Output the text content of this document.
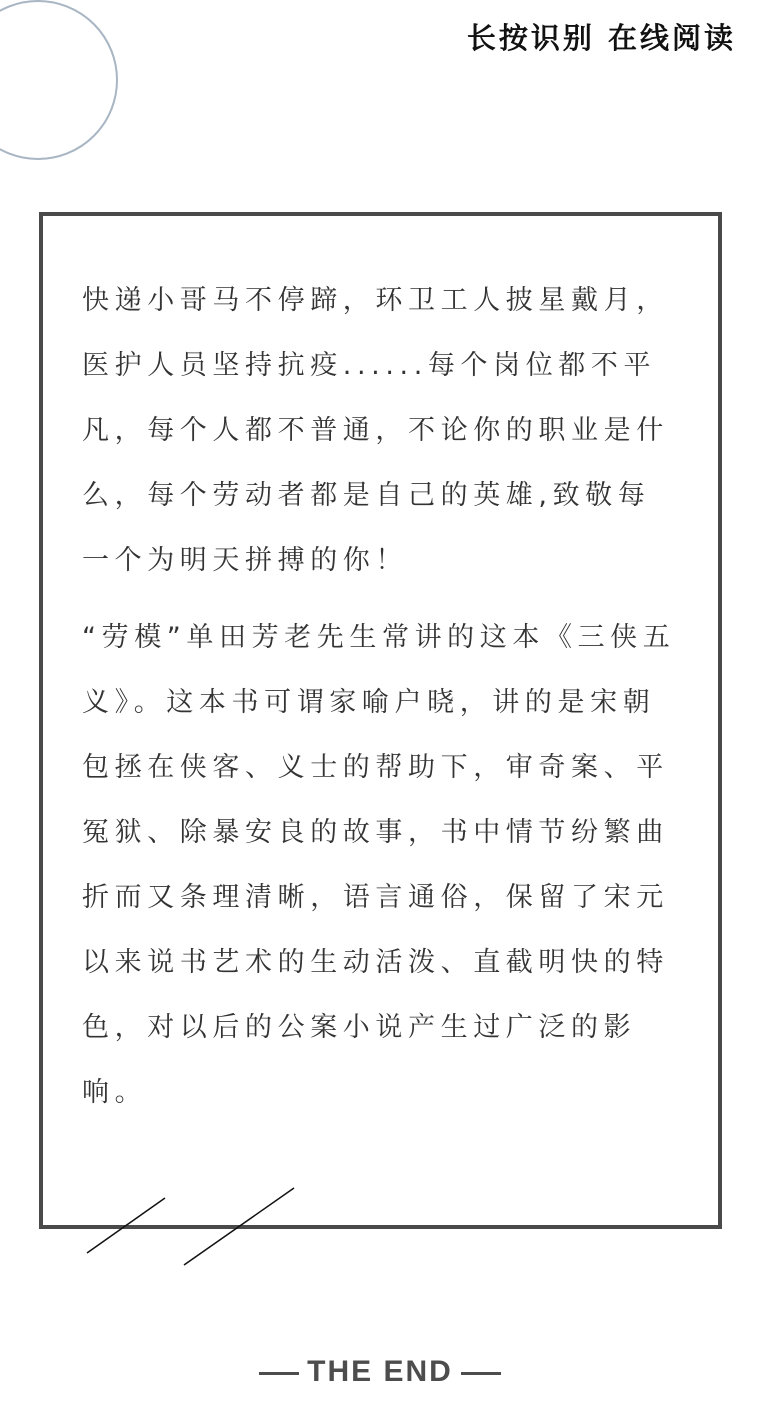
长按识别 在线阅读

快递小哥马不停蹄，环卫工人披星戴月，医护人员坚持抗疫......每个岗位都不平凡，每个人都不普通，不论你的职业是什么，每个劳动者都是自己的英雄,致敬每一个为明天拼搏的你！

“劳模”单田芳老先生常讲的这本《三侠五义》。这本书可谓家喻户晓，讲的是宋朝包拯在侠客、义士的帮助下，审奇案、平冤狱、除暴安良的故事，书中情节纷繁曲折而又条理清晰，语言通俗，保留了宋元以来说书艺术的生动活泼、直截明快的特色，对以后的公案小说产生过广泛的影响。

THE END
